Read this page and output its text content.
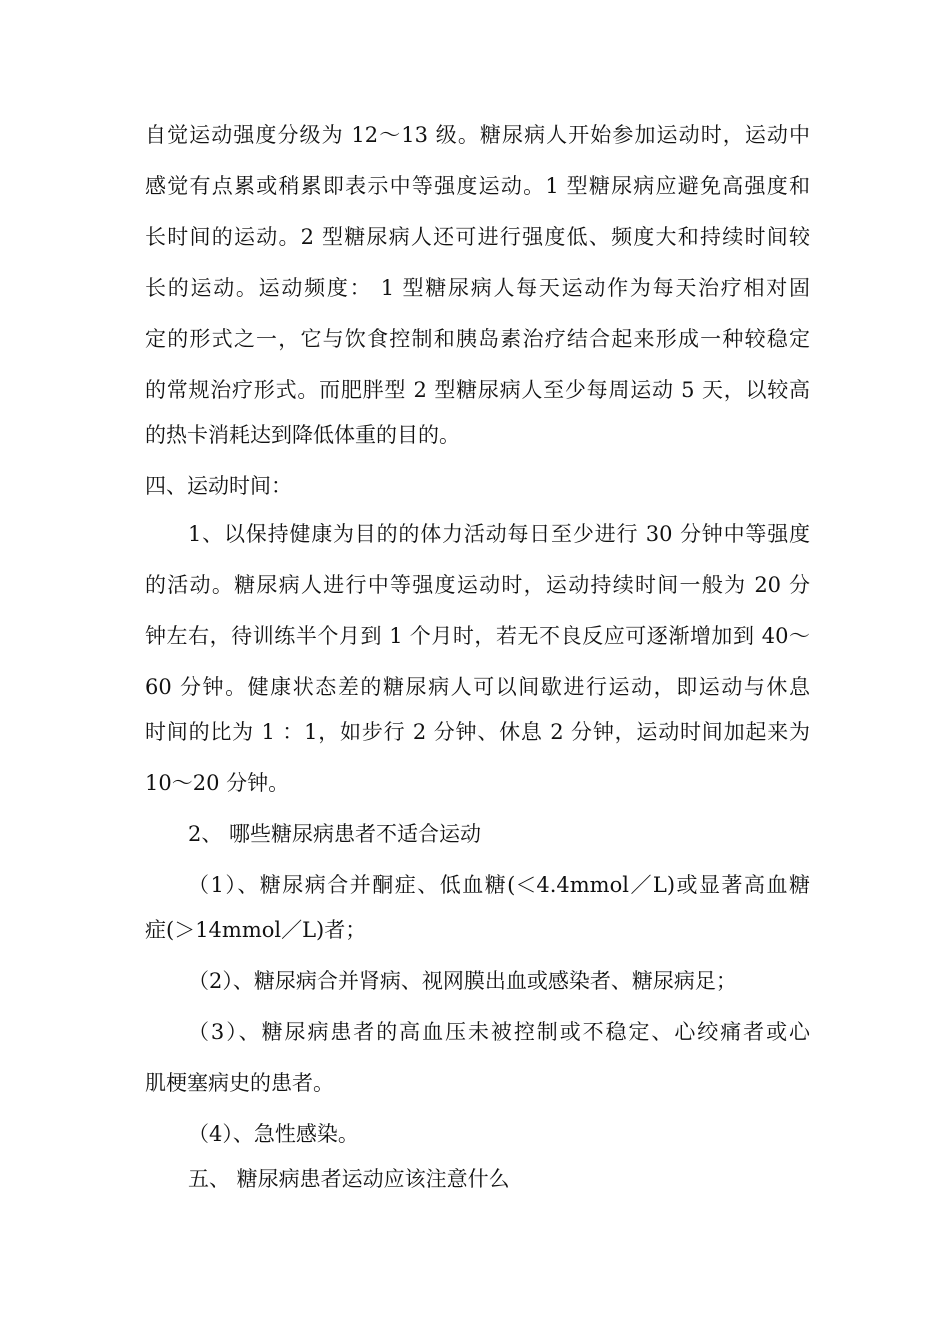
自觉运动强度分级为 12～13 级。糖尿病人开始参加运动时，运动中
感觉有点累或稍累即表示中等强度运动。1 型糖尿病应避免高强度和
长时间的运动。2 型糖尿病人还可进行强度低、频度大和持续时间较
长的运动。运动频度： 1 型糖尿病人每天运动作为每天治疗相对固
定的形式之一，它与饮食控制和胰岛素治疗结合起来形成一种较稳定
的常规治疗形式。而肥胖型 2 型糖尿病人至少每周运动 5 天，以较高
的热卡消耗达到降低体重的目的。
四、运动时间：
1、以保持健康为目的的体力活动每日至少进行 30 分钟中等强度
的活动。糖尿病人进行中等强度运动时，运动持续时间一般为 20 分
钟左右，待训练半个月到 1 个月时，若无不良反应可逐渐增加到 40～
60 分钟。健康状态差的糖尿病人可以间歇进行运动，即运动与休息
时间的比为 1 ：1，如步行 2 分钟、休息 2 分钟，运动时间加起来为
10～20 分钟。
2、 哪些糖尿病患者不适合运动
（1）、糖尿病合并酮症、低血糖(＜4.4mmol／L)或显著高血糖
症(＞14mmol／L)者；
（2）、糖尿病合并肾病、视网膜出血或感染者、糖尿病足；
（3）、糖尿病患者的高血压未被控制或不稳定、心绞痛者或心
肌梗塞病史的患者。
（4）、急性感染。
五、 糖尿病患者运动应该注意什么
